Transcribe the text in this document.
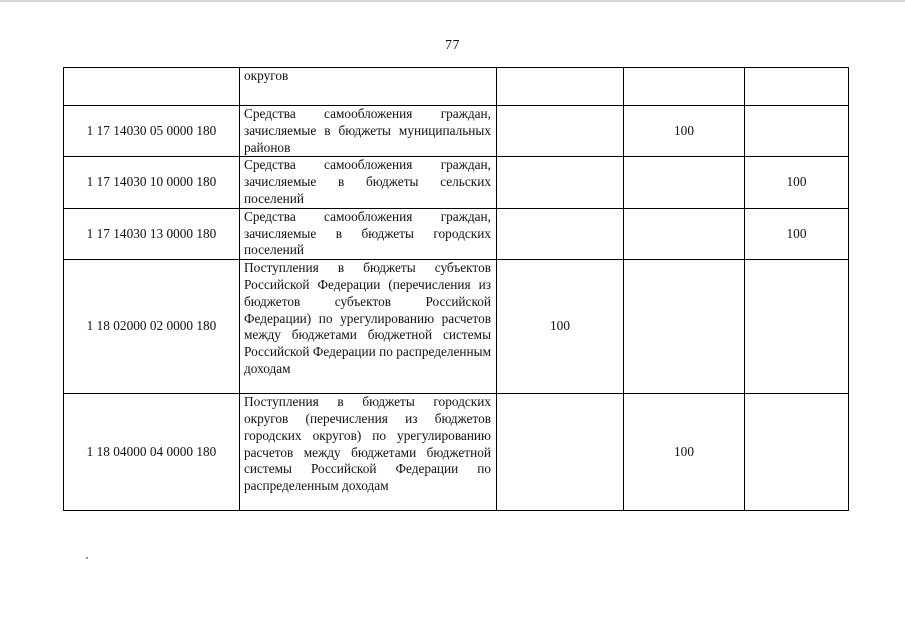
77
	округов			
1 17 14030 05 0000 180	Средства самообложения граждан, зачисляемые в бюджеты муниципальных районов		100	
1 17 14030 10 0000 180	Средства самообложения граждан, зачисляемые в бюджеты сельских поселений			100
1 17 14030 13 0000 180	Средства самообложения граждан, зачисляемые в бюджеты городских поселений			100
1 18 02000 02 0000 180	Поступления в бюджеты субъектов Российской Федерации (перечисления из бюджетов субъектов Российской Федерации) по урегулированию расчетов между бюджетами бюджетной системы Российской Федерации по распределенным доходам	100		
1 18 04000 04 0000 180	Поступления в бюджеты городских округов (перечисления из бюджетов городских округов) по урегулированию расчетов между бюджетами бюджетной системы Российской Федерации по распределенным доходам		100	
